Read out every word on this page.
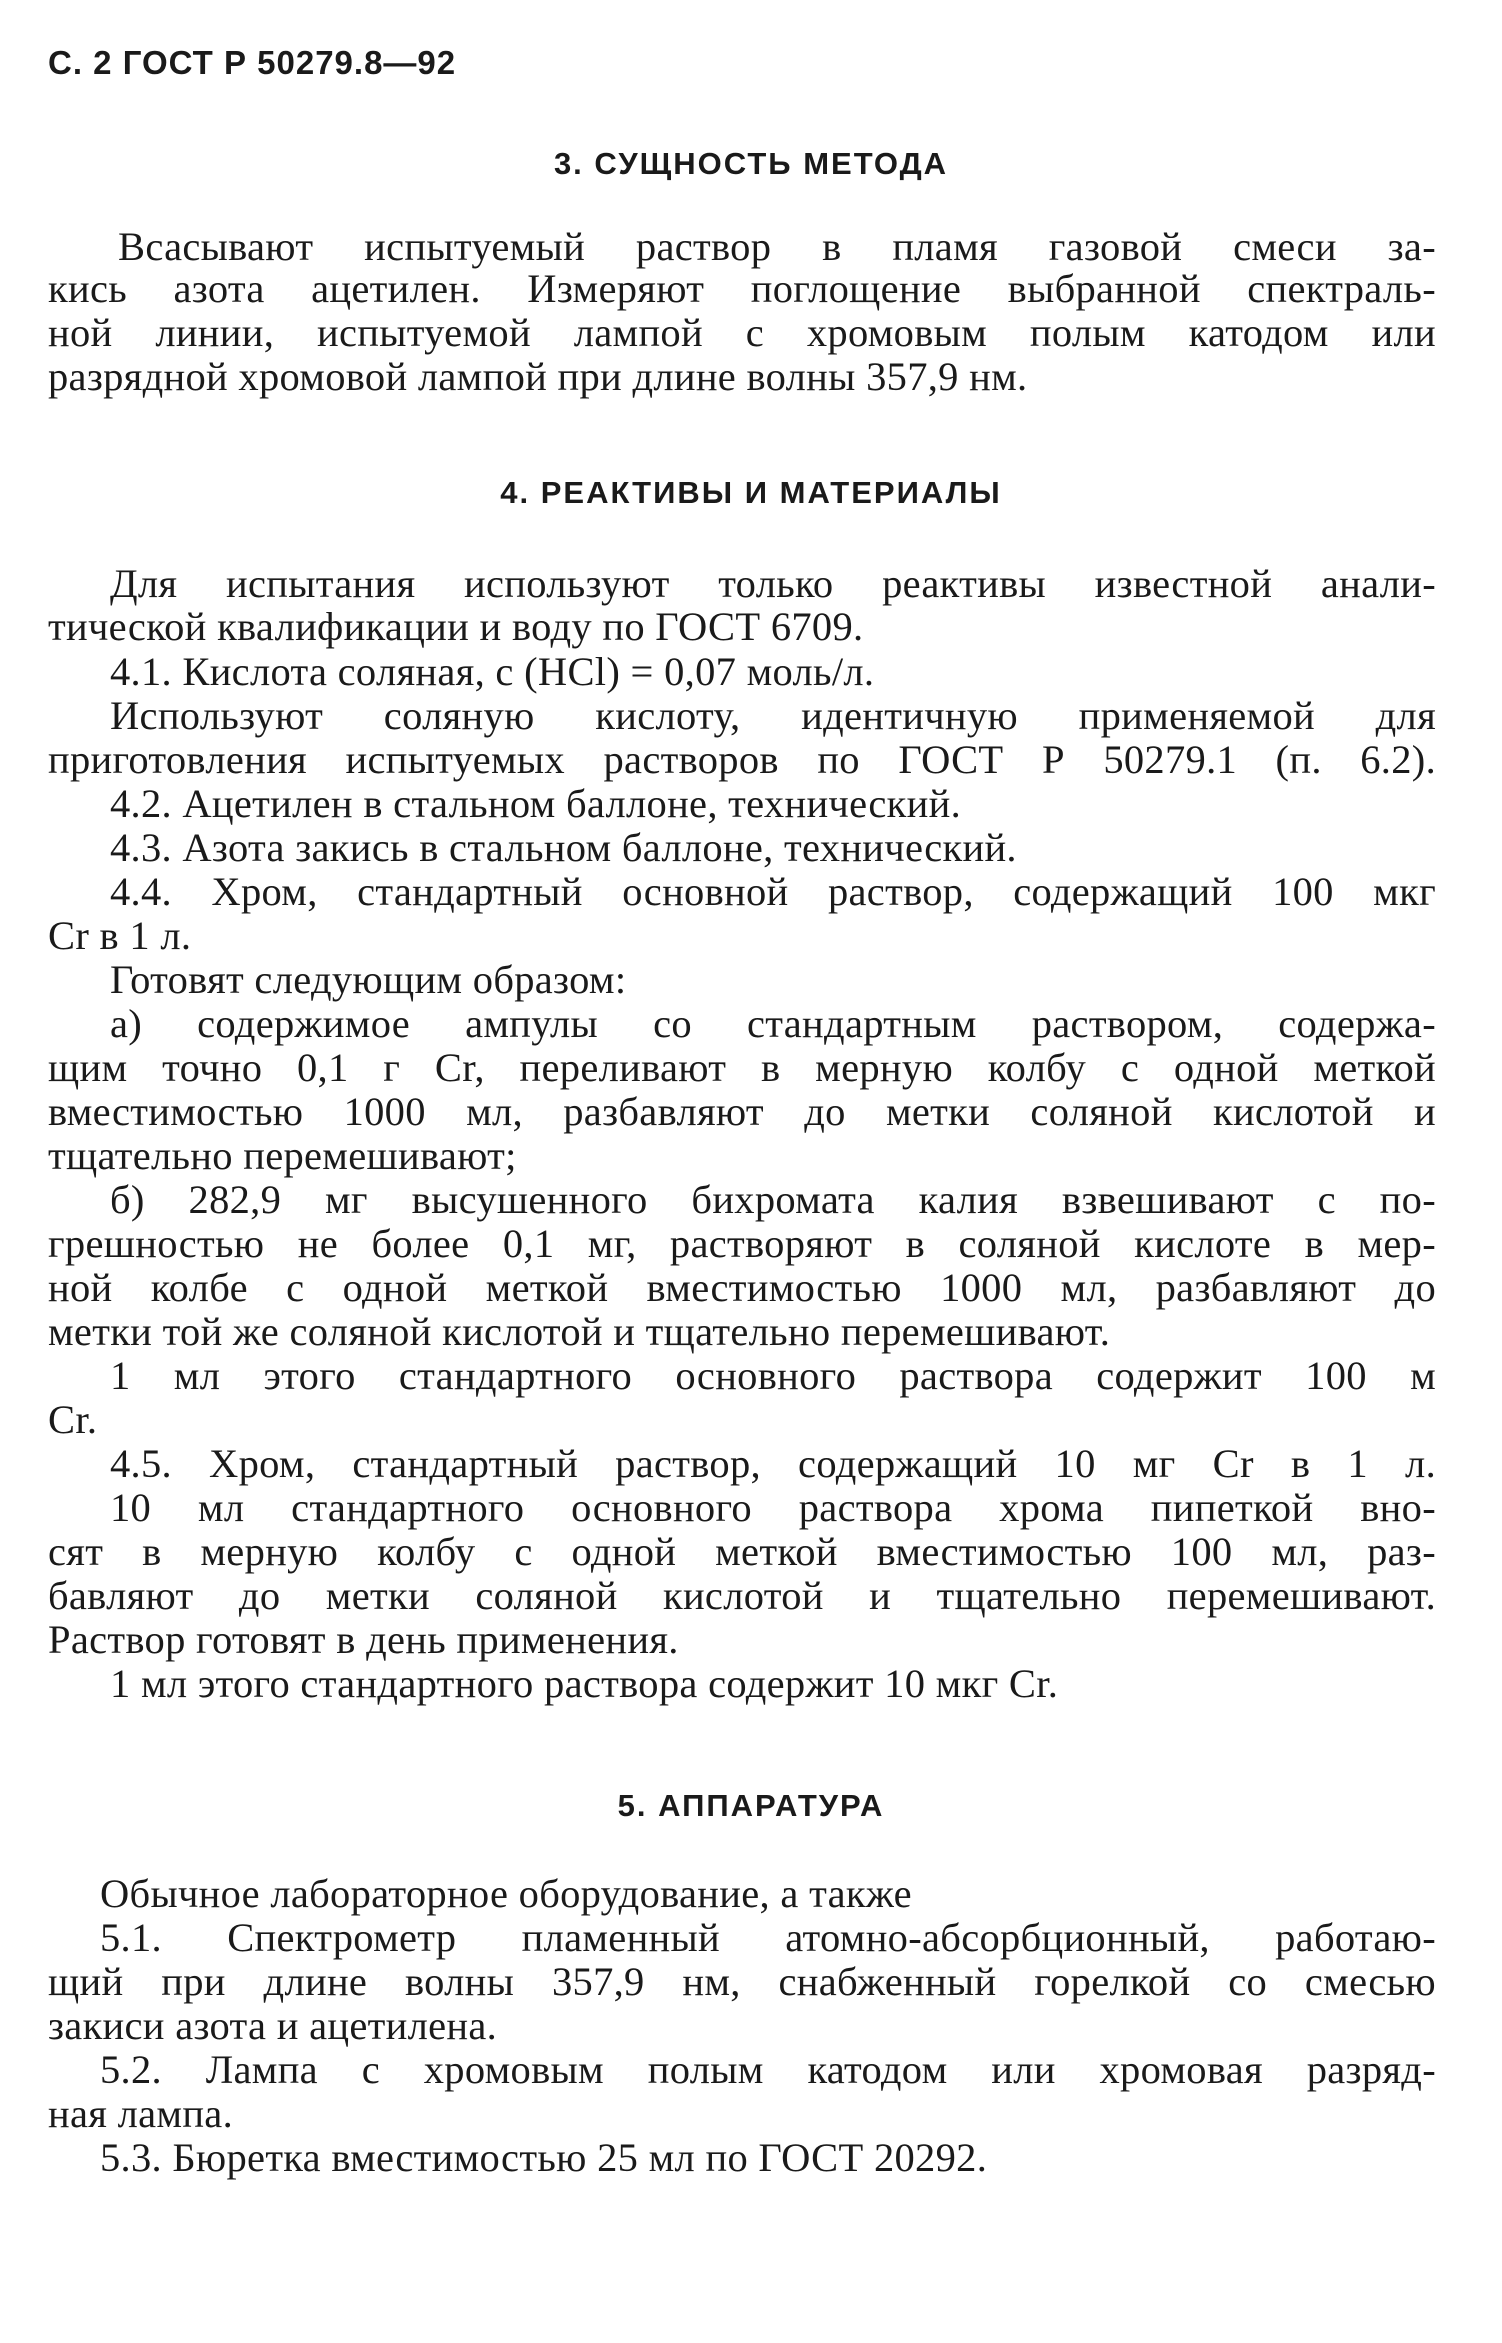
С. 2 ГОСТ Р 50279.8—92
3. СУЩНОСТЬ МЕТОДА
Всасывают испытуемый раствор в пламя газовой смеси за-
кись азота ацетилен. Измеряют поглощение выбранной спектраль-
ной линии, испытуемой лампой с хромовым полым катодом или
разрядной хромовой лампой при длине волны 357,9 нм.
4. РЕАКТИВЫ И МАТЕРИАЛЫ
Для испытания используют только реактивы известной анали-
тической квалификации и воду по ГОСТ 6709.
4.1. Кислота соляная, с (HCl) = 0,07 моль/л.
Используют соляную кислоту, идентичную применяемой для
приготовления испытуемых растворов по ГОСТ Р 50279.1 (п. 6.2).
4.2. Ацетилен в стальном баллоне, технический.
4.3. Азота закись в стальном баллоне, технический.
4.4. Хром, стандартный основной раствор, содержащий 100 мкг
Cr в 1 л.
Готовят следующим образом:
а) содержимое ампулы со стандартным раствором, содержа-
щим точно 0,1 г Cr, переливают в мерную колбу с одной меткой
вместимостью 1000 мл, разбавляют до метки соляной кислотой и
тщательно перемешивают;
б) 282,9 мг высушенного бихромата калия взвешивают с по-
грешностью не более 0,1 мг, растворяют в соляной кислоте в мер-
ной колбе с одной меткой вместимостью 1000 мл, разбавляют до
метки той же соляной кислотой и тщательно перемешивают.
1 мл этого стандартного основного раствора содержит 100 м
Cr.
4.5. Хром, стандартный раствор, содержащий 10 мг Cr в 1 л.
10 мл стандартного основного раствора хрома пипеткой вно-
сят в мерную колбу с одной меткой вместимостью 100 мл, раз-
бавляют до метки соляной кислотой и тщательно перемешивают.
Раствор готовят в день применения.
1 мл этого стандартного раствора содержит 10 мкг Cr.
5. АППАРАТУРА
Обычное лабораторное оборудование, а также
5.1. Спектрометр пламенный атомно-абсорбционный, работаю-
щий при длине волны 357,9 нм, снабженный горелкой со смесью
закиси азота и ацетилена.
5.2. Лампа с хромовым полым катодом или хромовая разряд-
ная лампа.
5.3. Бюретка вместимостью 25 мл по ГОСТ 20292.
